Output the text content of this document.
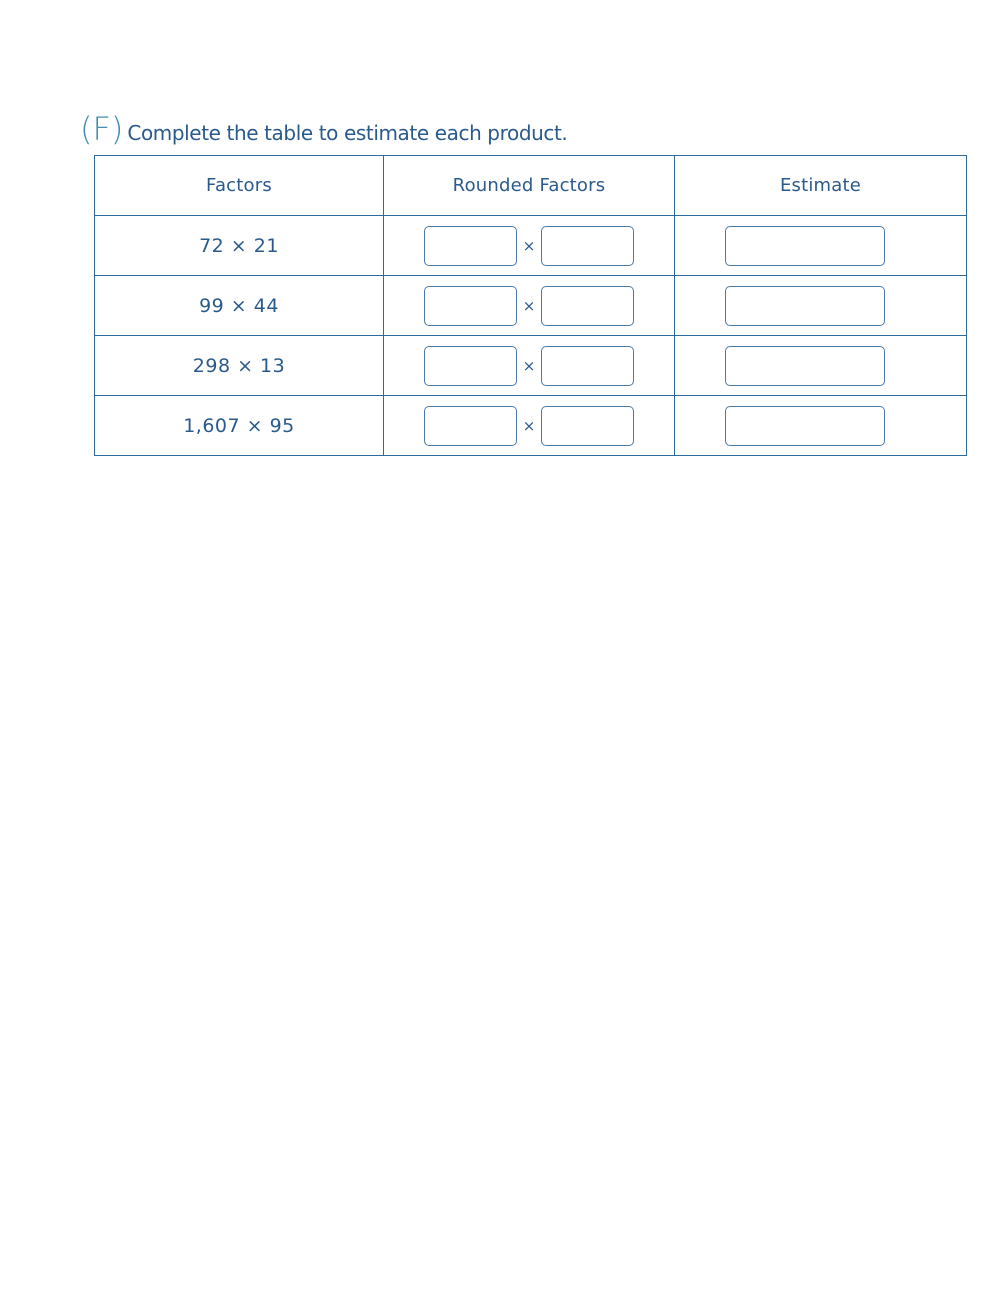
(F) Complete the table to estimate each product.
Factors	Rounded Factors	Estimate
72 × 21	×	

99 × 44	×	

298 × 13	×	

1,607 × 95	×	
